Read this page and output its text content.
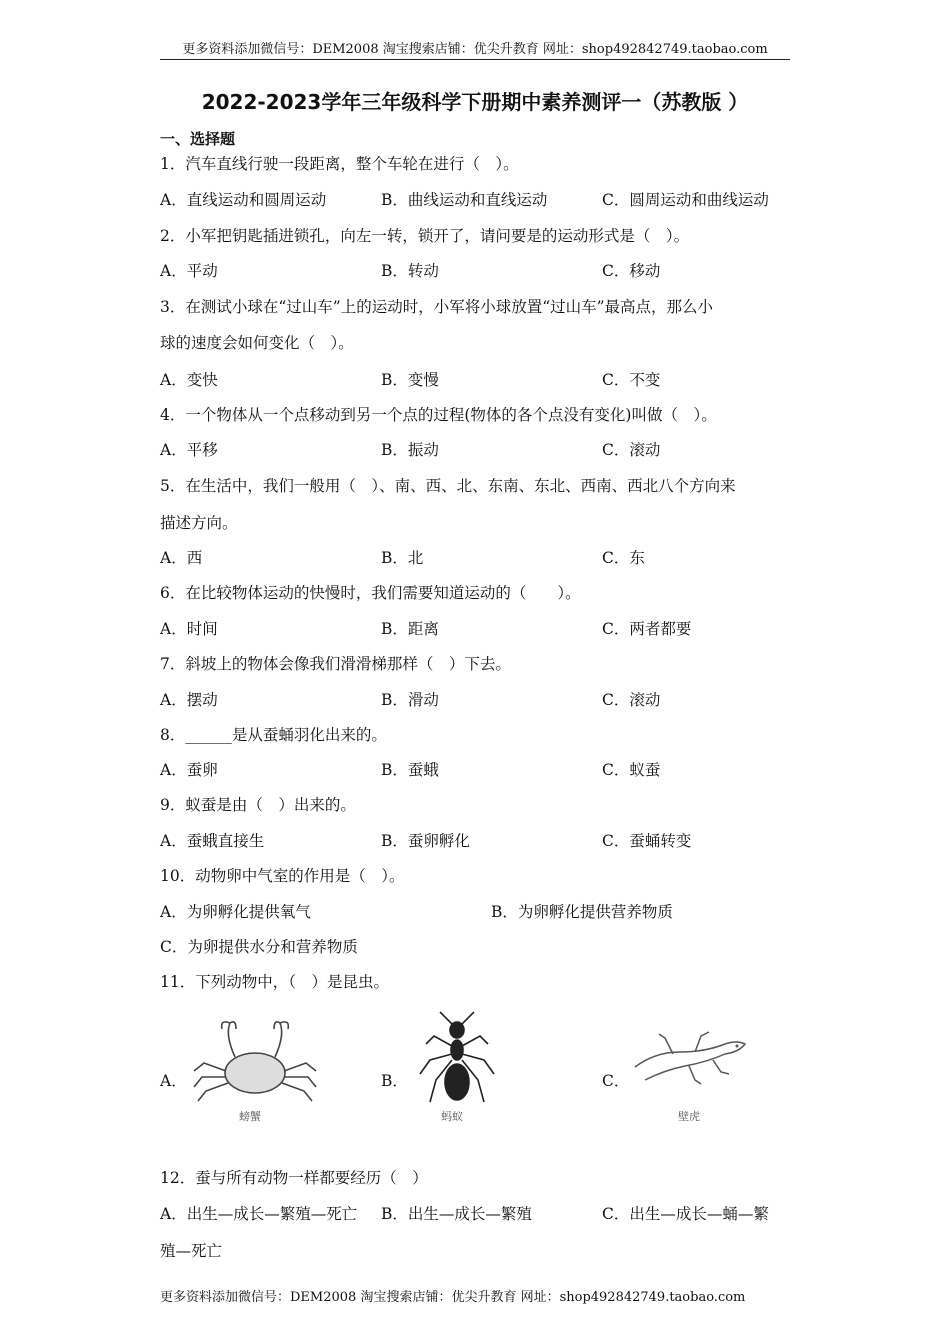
更多资料添加微信号：DEM2008 淘宝搜索店铺：优尖升教育 网址：shop492842749.taobao.com
2022-2023学年三年级科学下册期中素养测评一（苏教版 ）
一、选择题
1．汽车直线行驶一段距离，整个车轮在进行（　）。
A．直线运动和圆周运动	B．曲线运动和直线运动	C．圆周运动和曲线运动
2．小军把钥匙插进锁孔，向左一转，锁开了，请问要是的运动形式是（　）。
A．平动	B．转动	C．移动
3．在测试小球在“过山车”上的运动时，小军将小球放置“过山车”最高点，那么小
球的速度会如何变化（　）。
A．变快	B．变慢	C．不变
4．一个物体从一个点移动到另一个点的过程(物体的各个点没有变化)叫做（　）。
A．平移	B．振动	C．滚动
5．在生活中，我们一般用（　）、南、西、北、东南、东北、西南、西北八个方向来
描述方向。
A．西	B．北	C．东
6．在比较物体运动的快慢时，我们需要知道运动的（　　）。
A．时间	B．距离	C．两者都要
7．斜坡上的物体会像我们滑滑梯那样（　）下去。
A．摆动	B．滑动	C．滚动
8．______是从蚕蛹羽化出来的。
A．蚕卵	B．蚕蛾	C．蚁蚕
9．蚁蚕是由（　）出来的。
A．蚕蛾直接生	B．蚕卵孵化	C．蚕蛹转变
10．动物卵中气室的作用是（　）。
A．为卵孵化提供氧气	B．为卵孵化提供营养物质
C．为卵提供水分和营养物质
11．下列动物中，（　）是昆虫。
A．	B．	C．
螃蟹	蚂蚁	壁虎
12．蚕与所有动物一样都要经历（　）
A．出生—成长—繁殖—死亡 B．出生—成长—繁殖	C．出生—成长—蛹—繁
殖—死亡
更多资料添加微信号：DEM2008 淘宝搜索店铺：优尖升教育 网址：shop492842749.taobao.com
